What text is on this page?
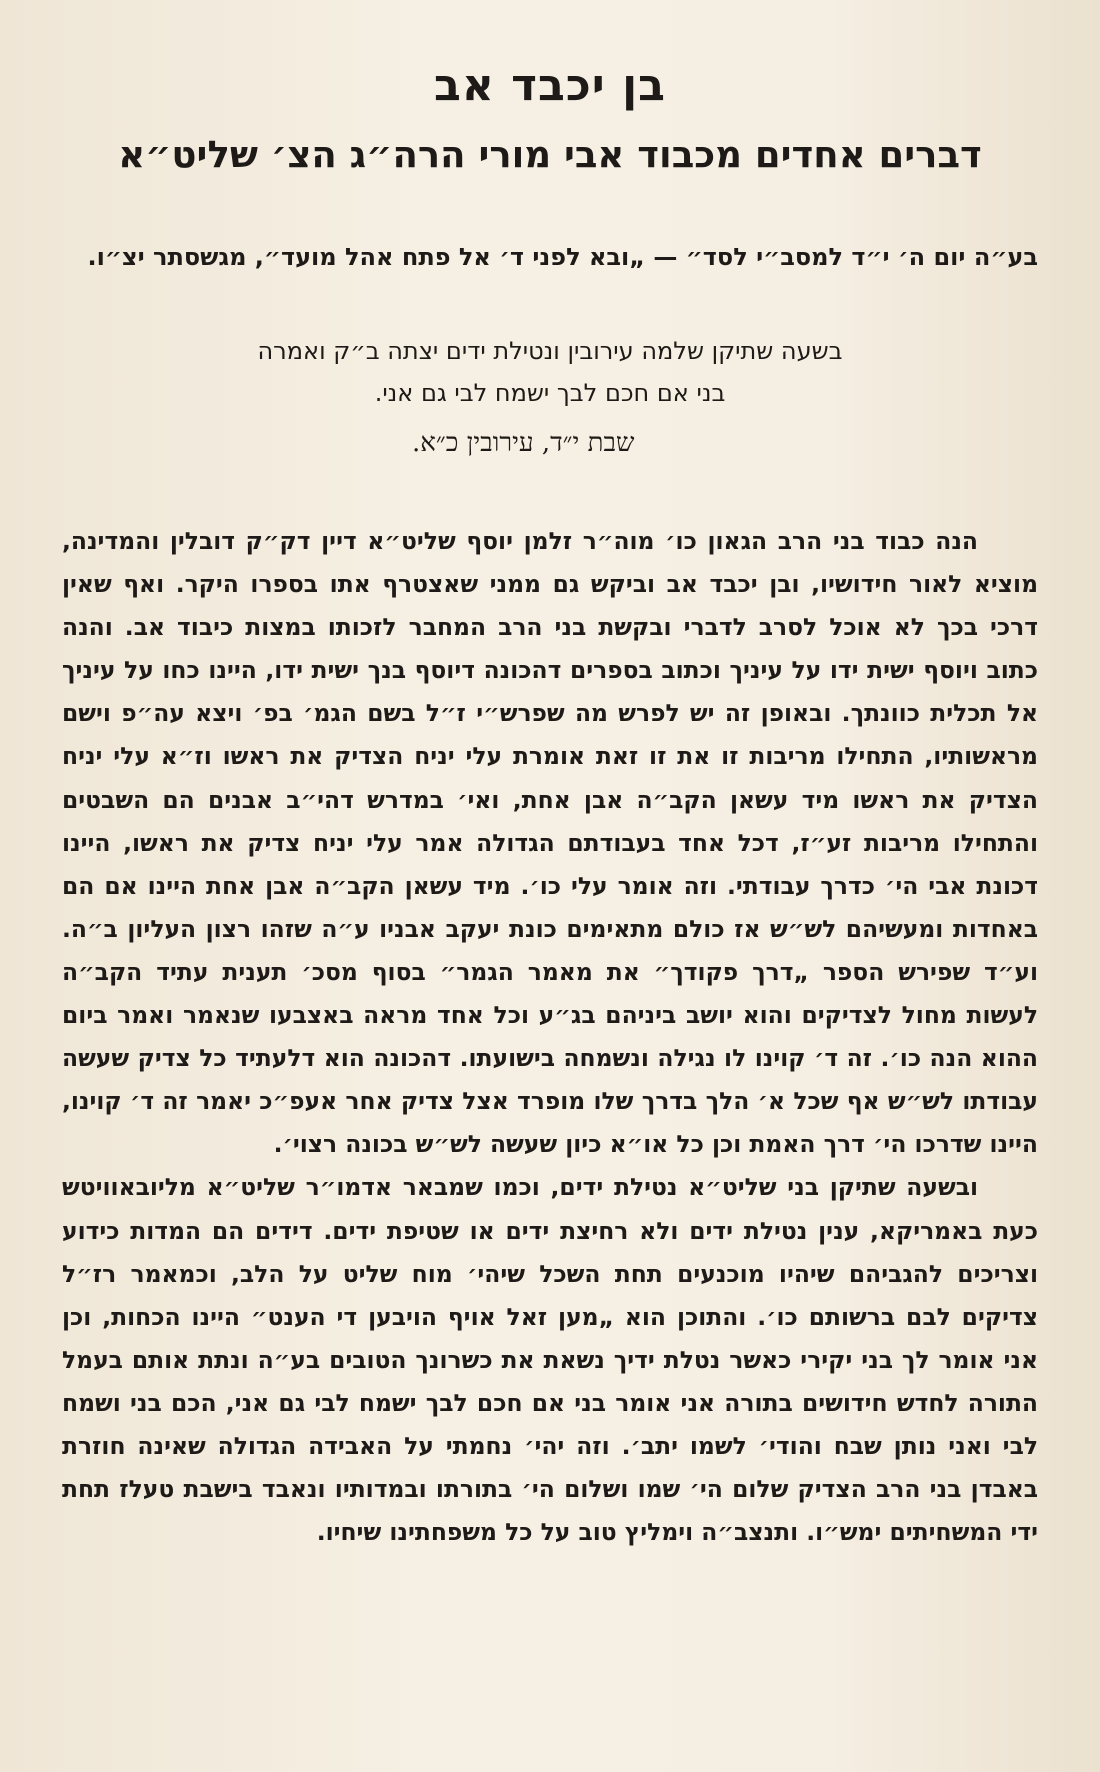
בן יכבד אב
דברים אחדים מכבוד אבי מורי הרה״ג הצ׳ שליט״א
בע״ה יום ה׳ י״ד למסב״י לסד״ — „ובא לפני ד׳ אל פתח אהל מועד״, מגשסתר יצ״ו.

בשעה שתיקן שלמה עירובין ונטילת ידים יצתה ב״ק ואמרה

בני אם חכם לבך ישמח לבי גם אני.

שבת י״ד, עירובין כ״א.

הנה כבוד בני הרב הגאון כו׳ מוה״ר זלמן יוסף שליט״א דיין דק״ק דובלין והמדינה, מוציא לאור חידושיו, ובן יכבד אב וביקש גם ממני שאצטרף אתו בספרו היקר. ואף שאין דרכי בכך לא אוכל לסרב לדברי ובקשת בני הרב המחבר לזכותו במצות כיבוד אב. והנה כתוב ויוסף ישית ידו על עיניך וכתוב בספרים דהכונה דיוסף בנך ישית ידו, היינו כחו על עיניך אל תכלית כוונתך. ובאופן זה יש לפרש מה שפרש״י ז״ל בשם הגמ׳ בפ׳ ויצא עה״פ וישם מראשותיו, התחילו מריבות זו את זו זאת אומרת עלי יניח הצדיק את ראשו וז״א עלי יניח הצדיק את ראשו מיד עשאן הקב״ה אבן אחת, ואי׳ במדרש דהי״ב אבנים הם השבטים והתחילו מריבות זע״ז, דכל אחד בעבודתם הגדולה אמר עלי יניח צדיק את ראשו, היינו דכונת אבי הי׳ כדרך עבודתי. וזה אומר עלי כו׳. מיד עשאן הקב״ה אבן אחת היינו אם הם באחדות ומעשיהם לש״ש אז כולם מתאימים כונת יעקב אבניו ע״ה שזהו רצון העליון ב״ה. וע״ד שפירש הספר „דרך פקודך״ את מאמר הגמר״ בסוף מסכ׳ תענית עתיד הקב״ה לעשות מחול לצדיקים והוא יושב ביניהם בג״ע וכל אחד מראה באצבעו שנאמר ואמר ביום ההוא הנה כו׳. זה ד׳ קוינו לו נגילה ונשמחה בישועתו. דהכונה הוא דלעתיד כל צדיק שעשה עבודתו לש״ש אף שכל א׳ הלך בדרך שלו מופרד אצל צדיק אחר אעפ״כ יאמר זה ד׳ קוינו, היינו שדרכו הי׳ דרך האמת וכן כל או״א כיון שעשה לש״ש בכונה רצוי׳.

ובשעה שתיקן בני שליט״א נטילת ידים, וכמו שמבאר אדמו״ר שליט״א מליובאוויטש כעת באמריקא, ענין נטילת ידים ולא רחיצת ידים או שטיפת ידים. דידים הם המדות כידוע וצריכים להגביהם שיהיו מוכנעים תחת השכל שיהי׳ מוח שליט על הלב, וכמאמר רז״ל צדיקים לבם ברשותם כו׳. והתוכן הוא „מען זאל אויף הויבען די הענט״ היינו הכחות, וכן אני אומר לך בני יקירי כאשר נטלת ידיך נשאת את כשרונך הטובים בע״ה ונתת אותם בעמל התורה לחדש חידושים בתורה אני אומר בני אם חכם לבך ישמח לבי גם אני, הכם בני ושמח לבי ואני נותן שבח והודי׳ לשמו יתב׳. וזה יהי׳ נחמתי על האבידה הגדולה שאינה חוזרת באבדן בני הרב הצדיק שלום הי׳ שמו ושלום הי׳ בתורתו ובמדותיו ונאבד בישבת טעלז תחת ידי המשחיתים ימש״ו. ותנצב״ה וימליץ טוב על כל משפחתינו שיחיו.
